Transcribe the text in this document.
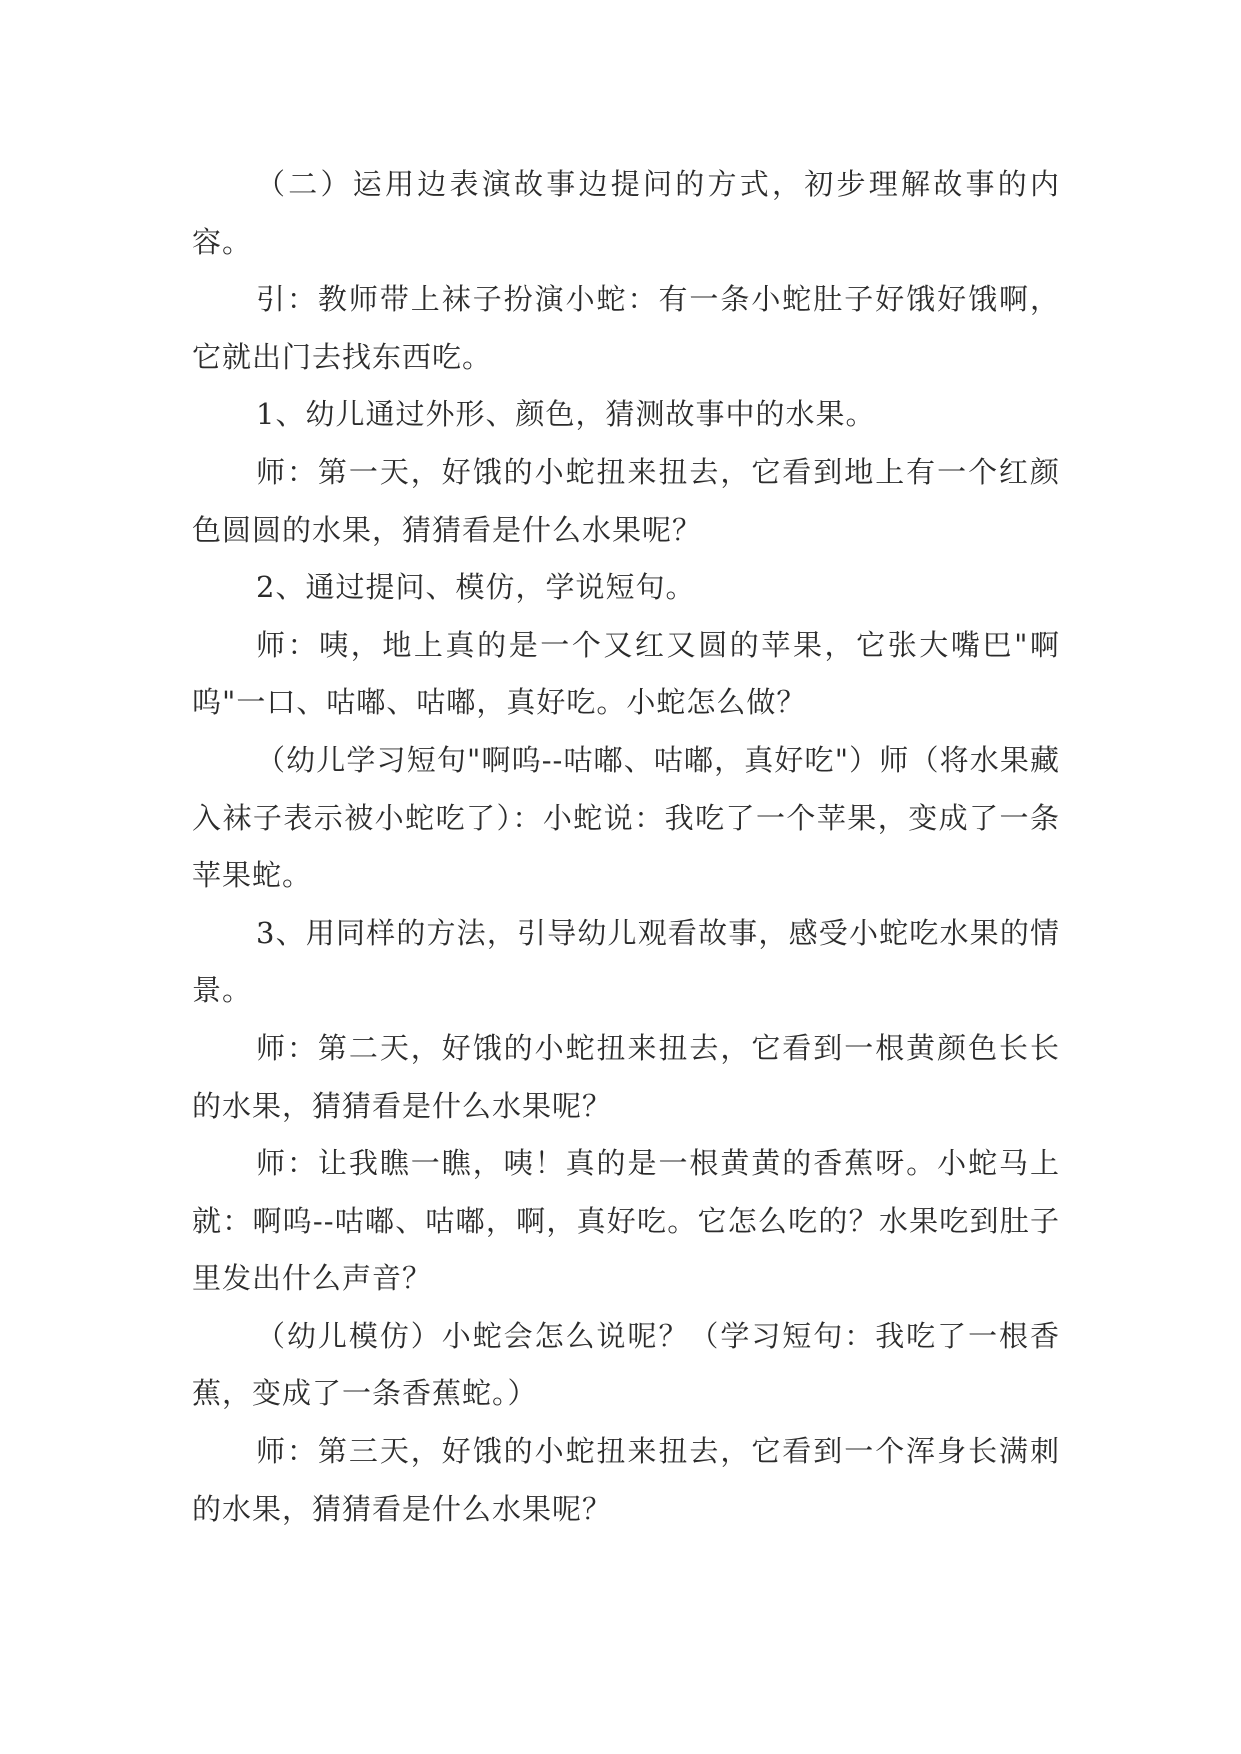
（二）运用边表演故事边提问的方式，初步理解故事的内容。

引：教师带上袜子扮演小蛇：有一条小蛇肚子好饿好饿啊，它就出门去找东西吃。

1、幼儿通过外形、颜色，猜测故事中的水果。

师：第一天，好饿的小蛇扭来扭去，它看到地上有一个红颜色圆圆的水果，猜猜看是什么水果呢？

2、通过提问、模仿，学说短句。

师：咦，地上真的是一个又红又圆的苹果，它张大嘴巴"啊呜"一口、咕嘟、咕嘟，真好吃。小蛇怎么做？

（幼儿学习短句"啊呜--咕嘟、咕嘟，真好吃"）师（将水果藏入袜子表示被小蛇吃了）：小蛇说：我吃了一个苹果，变成了一条苹果蛇。

3、用同样的方法，引导幼儿观看故事，感受小蛇吃水果的情景。

师：第二天，好饿的小蛇扭来扭去，它看到一根黄颜色长长的水果，猜猜看是什么水果呢？

师：让我瞧一瞧，咦！真的是一根黄黄的香蕉呀。小蛇马上就：啊呜--咕嘟、咕嘟，啊，真好吃。它怎么吃的？水果吃到肚子里发出什么声音？

（幼儿模仿）小蛇会怎么说呢？（学习短句：我吃了一根香蕉，变成了一条香蕉蛇。）

师：第三天，好饿的小蛇扭来扭去，它看到一个浑身长满刺的水果，猜猜看是什么水果呢？
